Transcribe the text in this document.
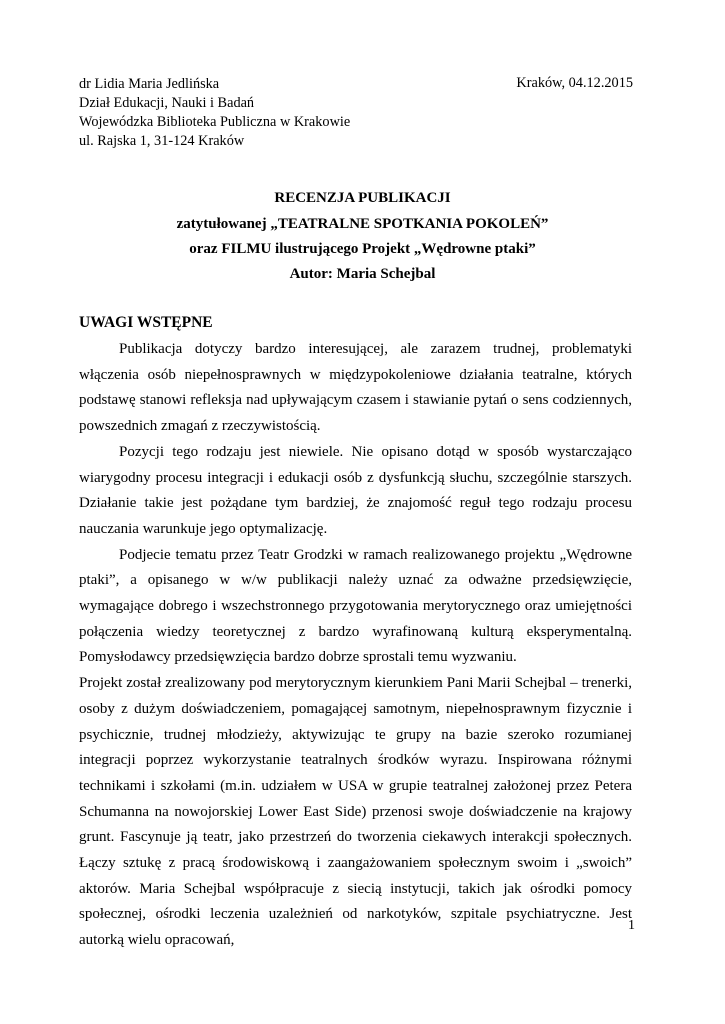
dr Lidia Maria Jedlińska
Dział Edukacji, Nauki i Badań
Wojewódzka Biblioteka Publiczna w Krakowie
ul. Rajska 1, 31-124 Kraków
Kraków, 04.12.2015
RECENZJA PUBLIKACJI
zatytułowanej „TEATRALNE SPOTKANIA POKOLEŃ”
oraz FILMU ilustrującego Projekt „Wędrowne ptaki”
Autor: Maria Schejbal
UWAGI WSTĘPNE

Publikacja dotyczy bardzo interesującej, ale zarazem trudnej, problematyki włączenia osób niepełnosprawnych w międzypokoleniowe działania teatralne, których podstawę stanowi refleksja nad upływającym czasem i stawianie pytań o sens codziennych, powszednich zmagań z rzeczywistością.

Pozycji tego rodzaju jest niewiele. Nie opisano dotąd w sposób wystarczająco wiarygodny procesu integracji i edukacji osób z dysfunkcją słuchu, szczególnie starszych. Działanie takie jest pożądane tym bardziej, że znajomość reguł tego rodzaju procesu nauczania warunkuje jego optymalizację.

Podjecie tematu przez Teatr Grodzki w ramach realizowanego projektu „Wędrowne ptaki”, a opisanego w w/w publikacji należy uznać za odważne przedsięwzięcie, wymagające dobrego i wszechstronnego przygotowania merytorycznego oraz umiejętności połączenia wiedzy teoretycznej z bardzo wyrafinowaną kulturą eksperymentalną. Pomysłodawcy przedsięwzięcia bardzo dobrze sprostali temu wyzwaniu.

Projekt został zrealizowany pod merytorycznym kierunkiem Pani Marii Schejbal – trenerki, osoby z dużym doświadczeniem, pomagającej samotnym, niepełnosprawnym fizycznie i psychicznie, trudnej młodzieży, aktywizując te grupy na bazie szeroko rozumianej integracji poprzez wykorzystanie teatralnych środków wyrazu. Inspirowana różnymi technikami i szkołami (m.in. udziałem w USA w grupie teatralnej założonej przez Petera Schumanna na nowojorskiej Lower East Side) przenosi swoje doświadczenie na krajowy grunt. Fascynuje ją teatr, jako przestrzeń do tworzenia ciekawych interakcji społecznych. Łączy sztukę z pracą środowiskową i zaangażowaniem społecznym swoim i „swoich” aktorów. Maria Schejbal współpracuje z siecią instytucji, takich jak ośrodki pomocy społecznej, ośrodki leczenia uzależnień od narkotyków, szpitale psychiatryczne. Jest autorką wielu opracowań,

1
